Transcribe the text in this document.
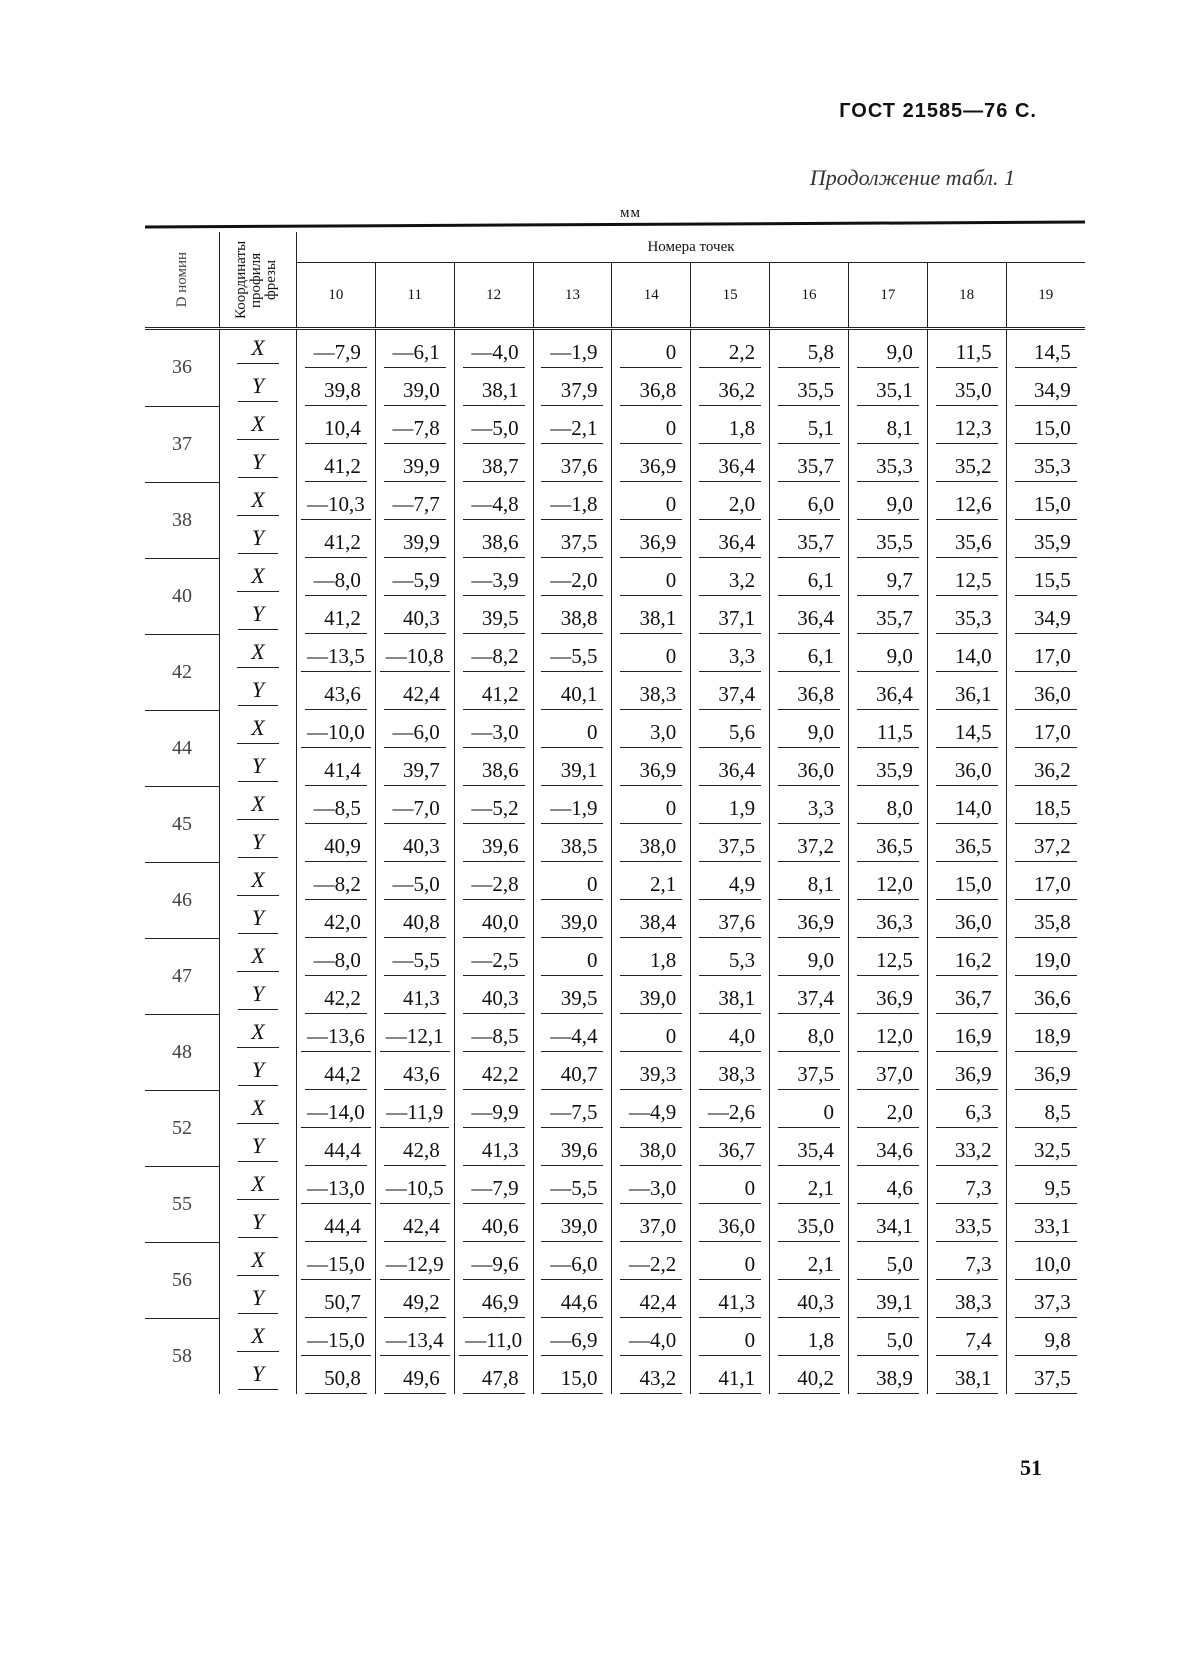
ГОСТ 21585—76 С.
Продолжение табл. 1
мм
D номин	Координаты профиля фрезы	Номера точек									
		10	11	12	13	14	15	16	17	18	19
36	X	—7,9	—6,1	—4,0	—1,9	0	2,2	5,8	9,0	11,5	14,5
	Y	39,8	39,0	38,1	37,9	36,8	36,2	35,5	35,1	35,0	34,9
37	X	10,4	—7,8	—5,0	—2,1	0	1,8	5,1	8,1	12,3	15,0
	Y	41,2	39,9	38,7	37,6	36,9	36,4	35,7	35,3	35,2	35,3
38	X	—10,3	—7,7	—4,8	—1,8	0	2,0	6,0	9,0	12,6	15,0
	Y	41,2	39,9	38,6	37,5	36,9	36,4	35,7	35,5	35,6	35,9
40	X	—8,0	—5,9	—3,9	—2,0	0	3,2	6,1	9,7	12,5	15,5
	Y	41,2	40,3	39,5	38,8	38,1	37,1	36,4	35,7	35,3	34,9
42	X	—13,5	—10,8	—8,2	—5,5	0	3,3	6,1	9,0	14,0	17,0
	Y	43,6	42,4	41,2	40,1	38,3	37,4	36,8	36,4	36,1	36,0
44	X	—10,0	—6,0	—3,0	0	3,0	5,6	9,0	11,5	14,5	17,0
	Y	41,4	39,7	38,6	39,1	36,9	36,4	36,0	35,9	36,0	36,2
45	X	—8,5	—7,0	—5,2	—1,9	0	1,9	3,3	8,0	14,0	18,5
	Y	40,9	40,3	39,6	38,5	38,0	37,5	37,2	36,5	36,5	37,2
46	X	—8,2	—5,0	—2,8	0	2,1	4,9	8,1	12,0	15,0	17,0
	Y	42,0	40,8	40,0	39,0	38,4	37,6	36,9	36,3	36,0	35,8
47	X	—8,0	—5,5	—2,5	0	1,8	5,3	9,0	12,5	16,2	19,0
	Y	42,2	41,3	40,3	39,5	39,0	38,1	37,4	36,9	36,7	36,6
48	X	—13,6	—12,1	—8,5	—4,4	0	4,0	8,0	12,0	16,9	18,9
	Y	44,2	43,6	42,2	40,7	39,3	38,3	37,5	37,0	36,9	36,9
52	X	—14,0	—11,9	—9,9	—7,5	—4,9	—2,6	0	2,0	6,3	8,5
	Y	44,4	42,8	41,3	39,6	38,0	36,7	35,4	34,6	33,2	32,5
55	X	—13,0	—10,5	—7,9	—5,5	—3,0	0	2,1	4,6	7,3	9,5
	Y	44,4	42,4	40,6	39,0	37,0	36,0	35,0	34,1	33,5	33,1
56	X	—15,0	—12,9	—9,6	—6,0	—2,2	0	2,1	5,0	7,3	10,0
	Y	50,7	49,2	46,9	44,6	42,4	41,3	40,3	39,1	38,3	37,3
58	X	—15,0	—13,4	—11,0	—6,9	—4,0	0	1,8	5,0	7,4	9,8
	Y	50,8	49,6	47,8	15,0	43,2	41,1	40,2	38,9	38,1	37,5
51
